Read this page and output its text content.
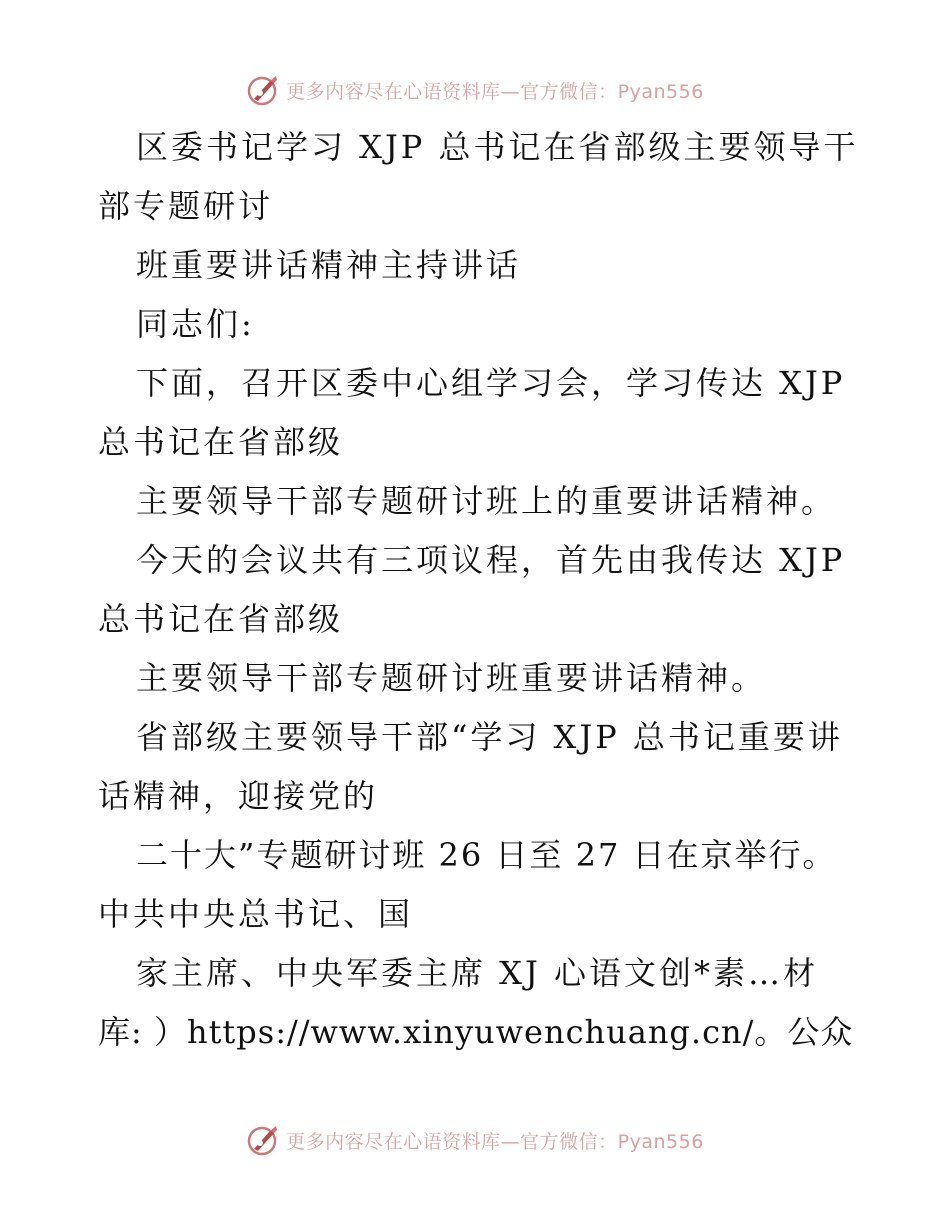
更多内容尽在心语资料库—官方微信：Pyan556

区委书记学习 XJP 总书记在省部级主要领导干

部专题研讨

班重要讲话精神主持讲话

同志们:

下面，召开区委中心组学习会，学习传达 XJP

总书记在省部级

主要领导干部专题研讨班上的重要讲话精神。

今天的会议共有三项议程，首先由我传达 XJP

总书记在省部级

主要领导干部专题研讨班重要讲话精神。

省部级主要领导干部“学习 XJP 总书记重要讲

话精神，迎接党的

二十大”专题研讨班 26 日至 27 日在京举行。

中共中央总书记、国

家主席、中央军委主席 XJ 心语文创*素…材

库: ）https://www.xinyuwenchuang.cn/。公众

更多内容尽在心语资料库—官方微信：Pyan556
